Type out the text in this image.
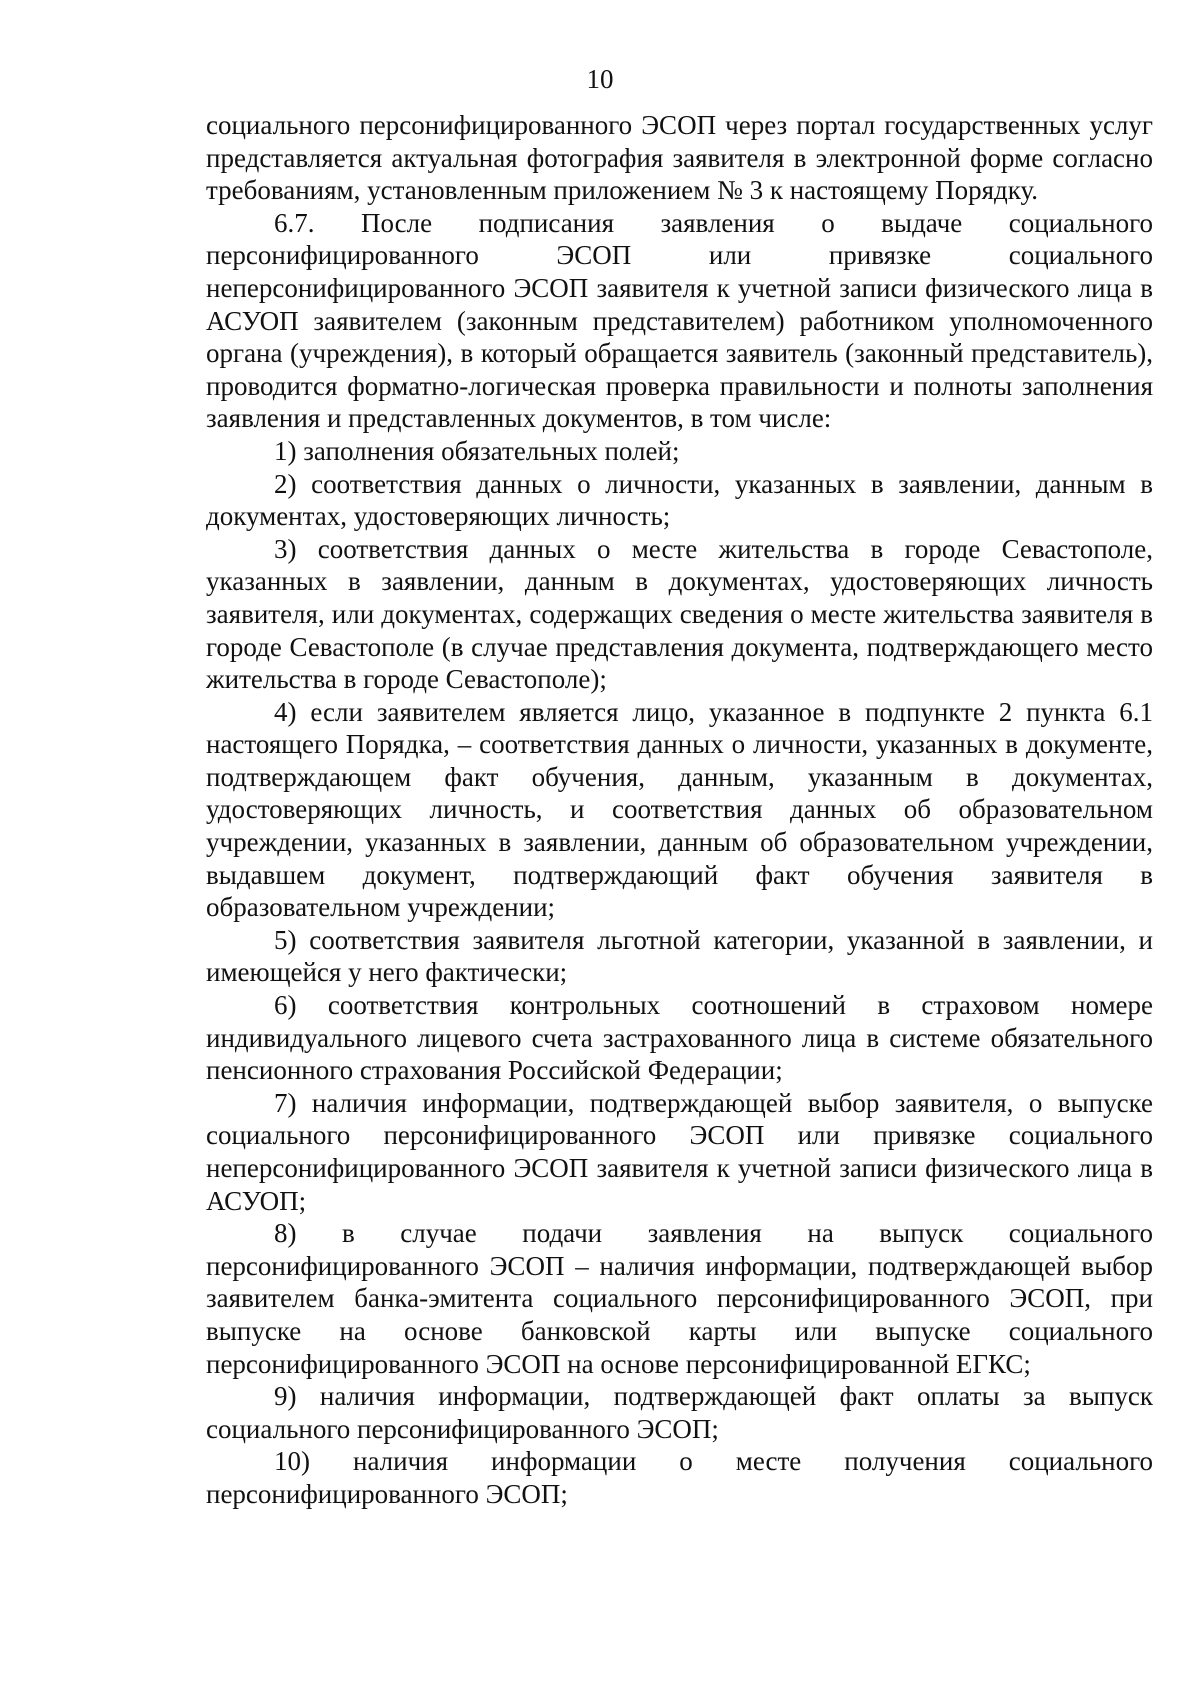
10

социального персонифицированного ЭСОП через портал государственных услуг представляется актуальная фотография заявителя в электронной форме согласно требованиям, установленным приложением № 3 к настоящему Порядку.

6.7. После подписания заявления о выдаче социального персонифицированного ЭСОП или привязке социального неперсонифицированного ЭСОП заявителя к учетной записи физического лица в АСУОП заявителем (законным представителем) работником уполномоченного органа (учреждения), в который обращается заявитель (законный представитель), проводится форматно-логическая проверка правильности и полноты заполнения заявления и представленных документов, в том числе:

1) заполнения обязательных полей;

2) соответствия данных о личности, указанных в заявлении, данным в документах, удостоверяющих личность;

3) соответствия данных о месте жительства в городе Севастополе, указанных в заявлении, данным в документах, удостоверяющих личность заявителя, или документах, содержащих сведения о месте жительства заявителя в городе Севастополе (в случае представления документа, подтверждающего место жительства в городе Севастополе);

4) если заявителем является лицо, указанное в подпункте 2 пункта 6.1 настоящего Порядка, – соответствия данных о личности, указанных в документе, подтверждающем факт обучения, данным, указанным в документах, удостоверяющих личность, и соответствия данных об образовательном учреждении, указанных в заявлении, данным об образовательном учреждении, выдавшем документ, подтверждающий факт обучения заявителя в образовательном учреждении;

5) соответствия заявителя льготной категории, указанной в заявлении, и имеющейся у него фактически;

6) соответствия контрольных соотношений в страховом номере индивидуального лицевого счета застрахованного лица в системе обязательного пенсионного страхования Российской Федерации;

7) наличия информации, подтверждающей выбор заявителя, о выпуске социального персонифицированного ЭСОП или привязке социального неперсонифицированного ЭСОП заявителя к учетной записи физического лица в АСУОП;

8) в случае подачи заявления на выпуск социального персонифицированного ЭСОП – наличия информации, подтверждающей выбор заявителем банка-эмитента социального персонифицированного ЭСОП, при выпуске на основе банковской карты или выпуске социального персонифицированного ЭСОП на основе персонифицированной ЕГКС;

9) наличия информации, подтверждающей факт оплаты за выпуск социального персонифицированного ЭСОП;

10) наличия информации о месте получения социального персонифицированного ЭСОП;
